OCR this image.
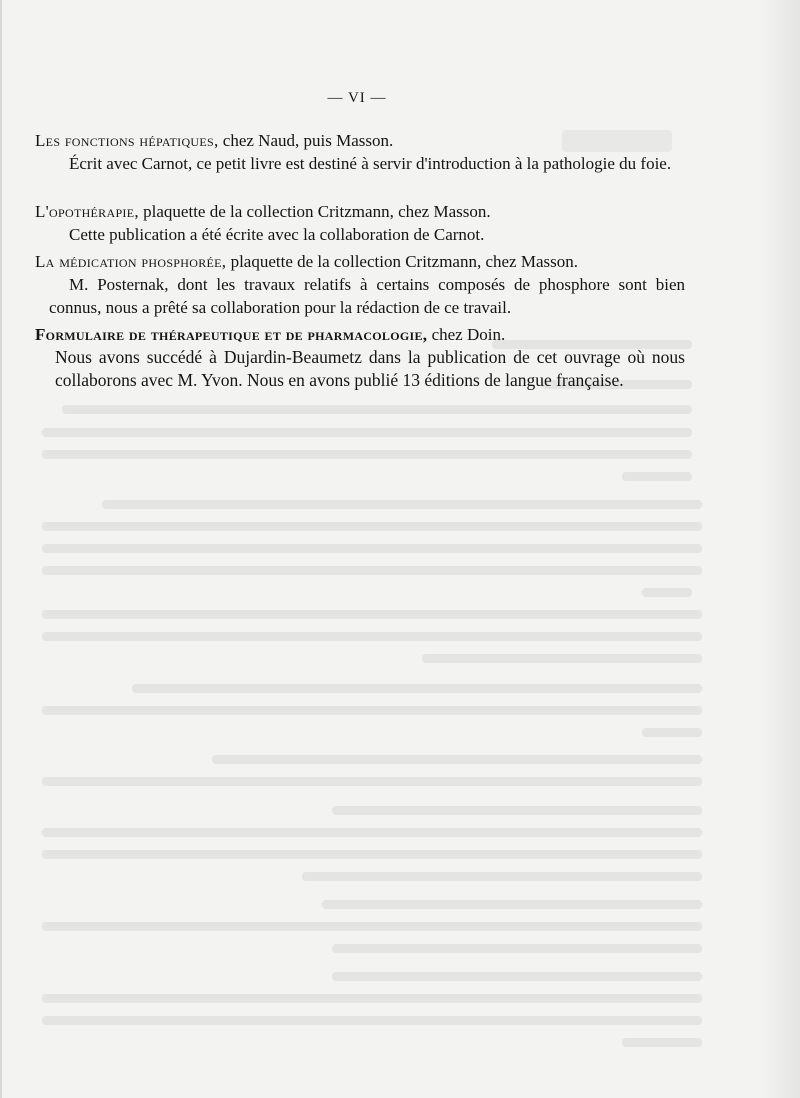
— VI —
Les fonctions hépatiques, chez Naud, puis Masson.
Écrit avec Carnot, ce petit livre est destiné à servir d'introduction à la pathologie du foie.
L'opothérapie, plaquette de la collection Critzmann, chez Masson.
Cette publication a été écrite avec la collaboration de Carnot.
La médication phosphorée, plaquette de la collection Critzmann, chez Masson.
M. Posternak, dont les travaux relatifs à certains composés de phosphore sont bien connus, nous a prêté sa collaboration pour la rédaction de ce travail.
Formulaire de thérapeutique et de pharmacologie, chez Doin.
Nous avons succédé à Dujardin-Beaumetz dans la publication de cet ouvrage où nous collaborons avec M. Yvon. Nous en avons publié 13 éditions de langue française.
